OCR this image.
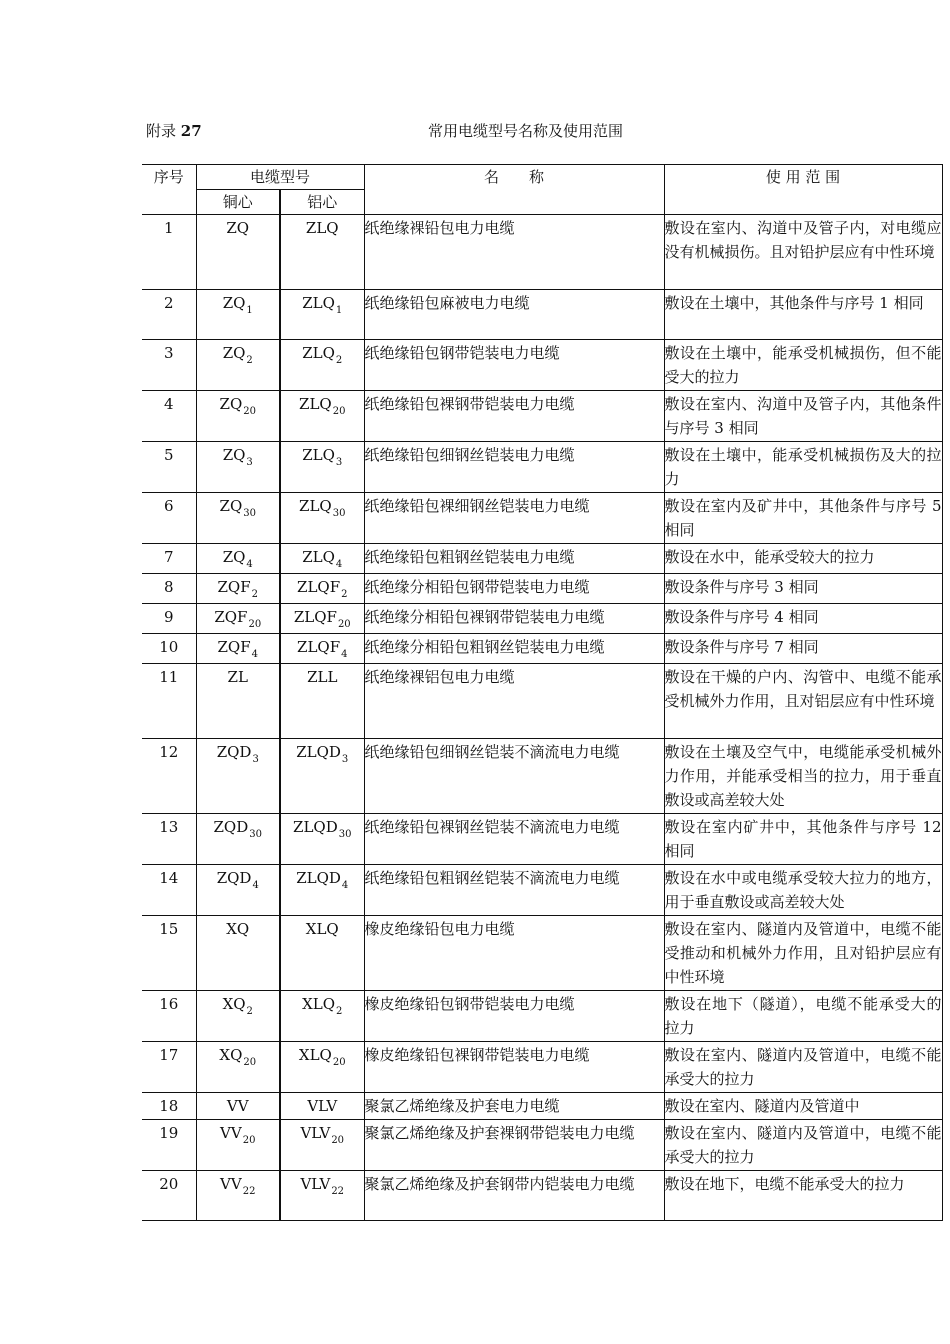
附录 27	常用电缆型号名称及使用范围
序号	电缆型号		名　　称	使 用 范 围
	铜心	铝心		
1	ZQ	ZLQ	纸绝缘裸铅包电力电缆	敷设在室内、沟道中及管子内，对电缆应没有机械损伤。且对铅护层应有中性环境
2	$ZQ_1$	$ZLQ_1$	纸绝缘铅包麻被电力电缆	敷设在土壤中，其他条件与序号 1 相同
3	$ZQ_2$	$ZLQ_2$	纸绝缘铅包钢带铠装电力电缆	敷设在土壤中，能承受机械损伤，但不能受大的拉力
4	$ZQ_{20}$	$ZLQ_{20}$	纸绝缘铅包裸钢带铠装电力电缆	敷设在室内、沟道中及管子内，其他条件与序号 3 相同
5	$ZQ_3$	$ZLQ_3$	纸绝缘铅包细钢丝铠装电力电缆	敷设在土壤中，能承受机械损伤及大的拉力
6	$ZQ_{30}$	$ZLQ_{30}$	纸绝缘铅包裸细钢丝铠装电力电缆	敷设在室内及矿井中，其他条件与序号 5 相同
7	$ZQ_4$	$ZLQ_4$	纸绝缘铅包粗钢丝铠装电力电缆	敷设在水中，能承受较大的拉力
8	$ZQF_2$	$ZLQF_2$	纸绝缘分相铅包钢带铠装电力电缆	敷设条件与序号 3 相同
9	$ZQF_{20}$	$ZLQF_{20}$	纸绝缘分相铅包裸钢带铠装电力电缆	敷设条件与序号 4 相同
10	$ZQF_4$	$ZLQF_4$	纸绝缘分相铅包粗钢丝铠装电力电缆	敷设条件与序号 7 相同
11	ZL	ZLL	纸绝缘裸铝包电力电缆	敷设在干燥的户内、沟管中、电缆不能承受机械外力作用，且对铝层应有中性环境
12	$ZQD_3$	$ZLQD_3$	纸绝缘铅包细钢丝铠装不滴流电力电缆	敷设在土壤及空气中，电缆能承受机械外力作用，并能承受相当的拉力，用于垂直敷设或高差较大处
13	$ZQD_{30}$	$ZLQD_{30}$	纸绝缘铅包裸钢丝铠装不滴流电力电缆	敷设在室内矿井中，其他条件与序号 12 相同
14	$ZQD_4$	$ZLQD_4$	纸绝缘铅包粗钢丝铠装不滴流电力电缆	敷设在水中或电缆承受较大拉力的地方，用于垂直敷设或高差较大处
15	XQ	XLQ	橡皮绝缘铅包电力电缆	敷设在室内、隧道内及管道中，电缆不能受推动和机械外力作用，且对铅护层应有中性环境
16	$XQ_2$	$XLQ_2$	橡皮绝缘铅包钢带铠装电力电缆	敷设在地下（隧道），电缆不能承受大的拉力
17	$XQ_{20}$	$XLQ_{20}$	橡皮绝缘铅包裸钢带铠装电力电缆	敷设在室内、隧道内及管道中，电缆不能承受大的拉力
18	VV	VLV	聚氯乙烯绝缘及护套电力电缆	敷设在室内、隧道内及管道中
19	$VV_{20}$	$VLV_{20}$	聚氯乙烯绝缘及护套裸钢带铠装电力电缆	敷设在室内、隧道内及管道中，电缆不能承受大的拉力
20	$VV_{22}$	$VLV_{22}$	聚氯乙烯绝缘及护套钢带内铠装电力电缆	敷设在地下，电缆不能承受大的拉力
